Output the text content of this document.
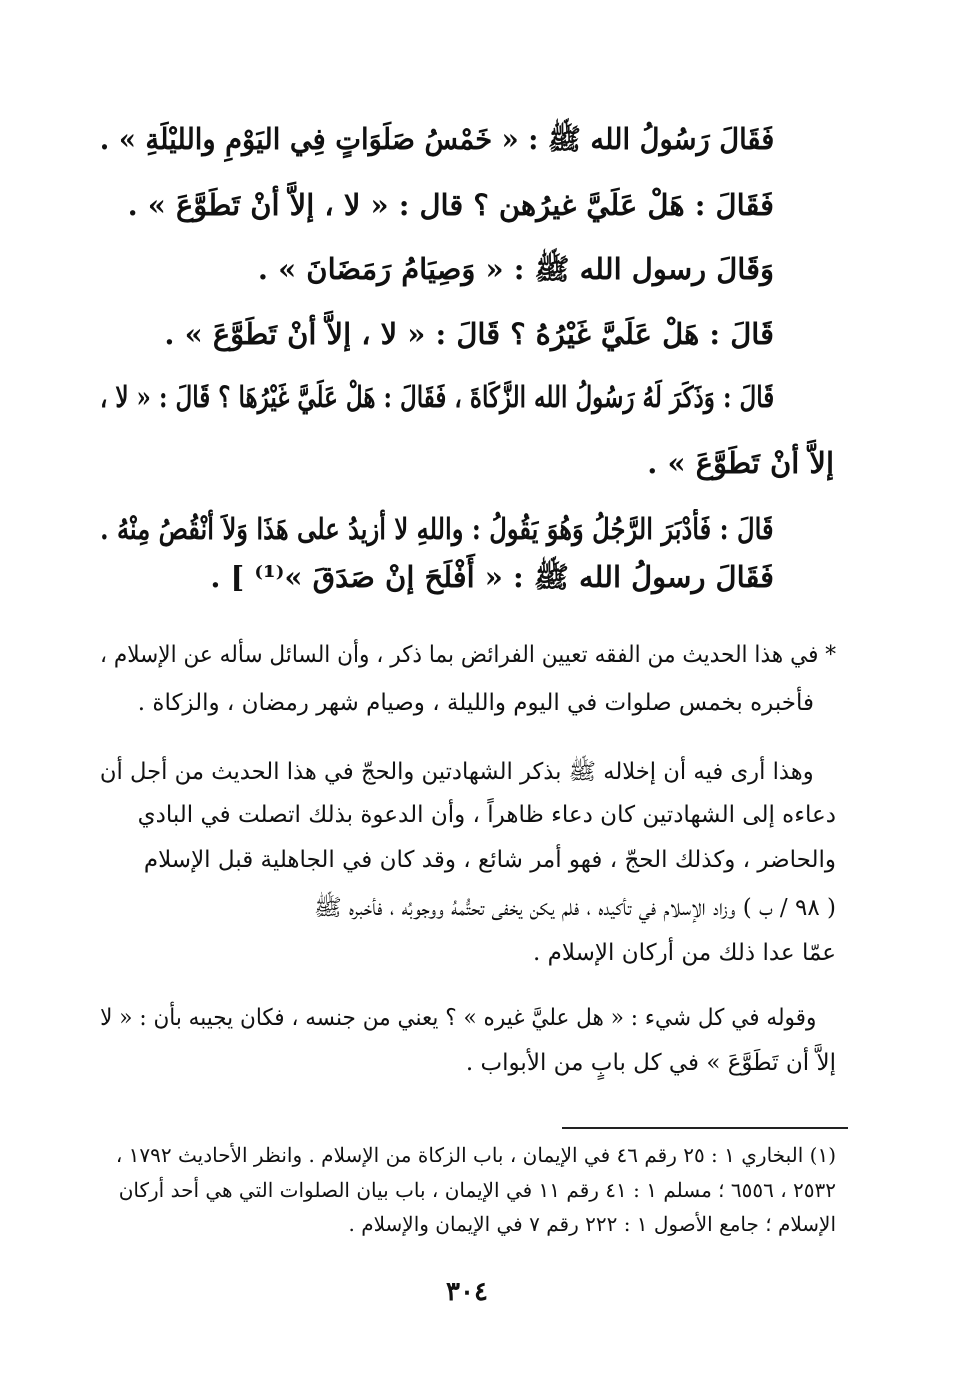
فَقَالَ رَسُولُ الله ﷺ : « خَمْسُ صَلَوَاتٍ فِي اليَوْمِ والليْلَةِ » .
فَقَالَ : هَلْ عَلَيَّ غيرُهن ؟ قال : « لا ، إلاَّ أنْ تَطَوَّعَ » .
وَقَالَ رسول الله ﷺ : « وَصِيَامُ رَمَضَانَ » .
قَالَ : هَلْ عَلَيَّ غَيْرُهُ ؟ قَالَ : « لا ، إلاَّ أنْ تَطَوَّعَ » .
قَالَ : وَذَكَرَ لَهُ رَسُولُ الله الزَّكَاةَ ، فَقَالَ : هَلْ عَلَيَّ غَيْرُهَا ؟ قَالَ : « لا ،
إلاَّ أنْ تَطَوَّعَ » .
قَالَ : فَأدْبَرَ الرَّجُلُ وَهُوَ يَقُولُ : واللهِ لا أزيدُ على هَذَا وَلاَ أنْقُصُ مِنْهُ .
فَقَالَ رسولُ الله ﷺ : « أَفْلَحَ إنْ صَدَقَ »⁽¹⁾ ] .
* في هذا الحديث من الفقه تعيين الفرائض بما ذكر ، وأن السائل سأله عن الإسلام ،
فأخبره بخمس صلوات في اليوم والليلة ، وصيام شهر رمضان ، والزكاة .
وهذا أرى فيه أن إخلاله ﷺ بذكر الشهادتين والحجّ في هذا الحديث من أجل أن
دعاءه إلى الشهادتين كان دعاء ظاهراً ، وأن الدعوة بذلك اتصلت في البادي
والحاضر ، وكذلك الحجّ ، فهو أمر شائع ، وقد كان في الجاهلية قبل الإسلام
( ٩٨ / ب ) وزاد الإسلام في تأكيده ، فلم يكن يخفى تحتُّمهُ ووجوبُه ، فأخبره ﷺ
عمّا عدا ذلك من أركان الإسلام .
وقوله في كل شيء : « هل عليَّ غيره » ؟ يعني من جنسه ، فكان يجيبه بأن : « لا
إلاَّ أن تَطَوَّعَ » في كل بابٍ من الأبواب .
(١) البخاري ١ : ٢٥ رقم ٤٦ في الإيمان ، باب الزكاة من الإسلام . وانظر الأحاديث ١٧٩٢ ،
٢٥٣٢ ، ٦٥٥٦ ؛ مسلم ١ : ٤١ رقم ١١ في الإيمان ، باب بيان الصلوات التي هي أحد أركان
الإسلام ؛ جامع الأصول ١ : ٢٢٢ رقم ٧ في الإيمان والإسلام .
٣٠٤
